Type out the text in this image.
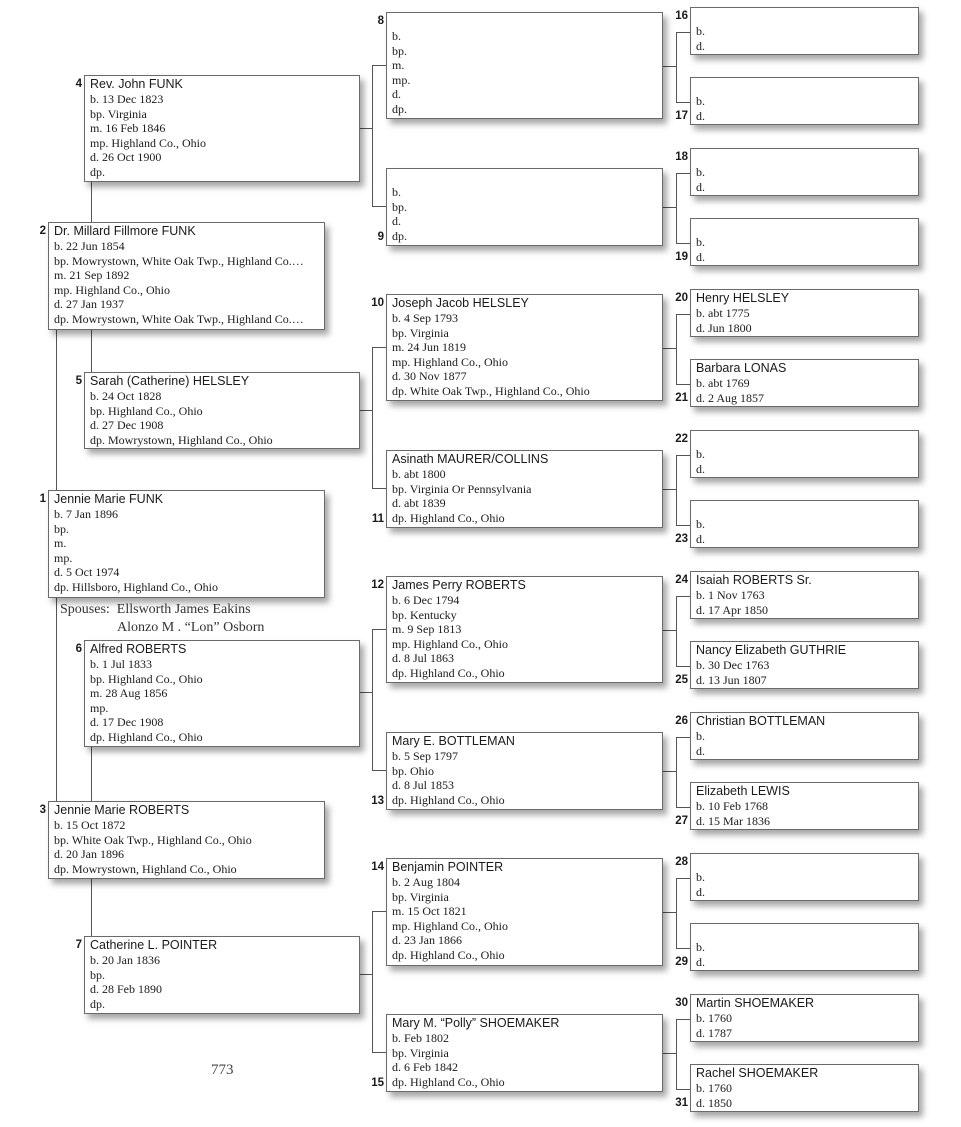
Jennie Marie FUNK
b. 7 Jan 1896
bp.
m.
mp.
d. 5 Oct 1974
dp. Hillsboro, Highland Co., Ohio
1
Dr. Millard Fillmore FUNK
b. 22 Jun 1854
bp. Mowrystown, White Oak Twp., Highland Co.…
m. 21 Sep 1892
mp. Highland Co., Ohio
d. 27 Jan 1937
dp. Mowrystown, White Oak Twp., Highland Co.…
2
Jennie Marie ROBERTS
b. 15 Oct 1872
bp. White Oak Twp., Highland Co., Ohio
d. 20 Jan 1896
dp. Mowrystown, Highland Co., Ohio
3
Rev. John FUNK
b. 13 Dec 1823
bp. Virginia
m. 16 Feb 1846
mp. Highland Co., Ohio
d. 26 Oct 1900
dp.
4
Sarah (Catherine) HELSLEY
b. 24 Oct 1828
bp. Highland Co., Ohio
d. 27 Dec 1908
dp. Mowrystown, Highland Co., Ohio
5
Alfred ROBERTS
b. 1 Jul 1833
bp. Highland Co., Ohio
m. 28 Aug 1856
mp.
d. 17 Dec 1908
dp. Highland Co., Ohio
6
Catherine L. POINTER
b. 20 Jan 1836
bp.
d. 28 Feb 1890
dp.
7
b.
bp.
m.
mp.
d.
dp.
8
b.
bp.
d.
dp.
9
Joseph Jacob HELSLEY
b. 4 Sep 1793
bp. Virginia
m. 24 Jun 1819
mp. Highland Co., Ohio
d. 30 Nov 1877
dp. White Oak Twp., Highland Co., Ohio
10
Asinath MAURER/COLLINS
b. abt 1800
bp. Virginia Or Pennsylvania
d. abt 1839
dp. Highland Co., Ohio
11
James Perry ROBERTS
b. 6 Dec 1794
bp. Kentucky
m. 9 Sep 1813
mp. Highland Co., Ohio
d. 8 Jul 1863
dp. Highland Co., Ohio
12
Mary E. BOTTLEMAN
b. 5 Sep 1797
bp. Ohio
d. 8 Jul 1853
dp. Highland Co., Ohio
13
Benjamin POINTER
b. 2 Aug 1804
bp. Virginia
m. 15 Oct 1821
mp. Highland Co., Ohio
d. 23 Jan 1866
dp. Highland Co., Ohio
14
Mary M. “Polly” SHOEMAKER
b. Feb 1802
bp. Virginia
d. 6 Feb 1842
dp. Highland Co., Ohio
15
b.
d.
16
b.
d.
17
b.
d.
18
b.
d.
19
Henry HELSLEY
b. abt 1775
d. Jun 1800
20
Barbara LONAS
b. abt 1769
d. 2 Aug 1857
21
b.
d.
22
b.
d.
23
Isaiah ROBERTS Sr.
b. 1 Nov 1763
d. 17 Apr 1850
24
Nancy Elizabeth GUTHRIE
b. 30 Dec 1763
d. 13 Jun 1807
25
Christian BOTTLEMAN
b.
d.
26
Elizabeth LEWIS
b. 10 Feb 1768
d. 15 Mar 1836
27
b.
d.
28
b.
d.
29
Martin SHOEMAKER
b. 1760
d. 1787
30
Rachel SHOEMAKER
b. 1760
d. 1850
31
Spouses: Ellsworth James Eakins
Alonzo M . “Lon” Osborn
773
